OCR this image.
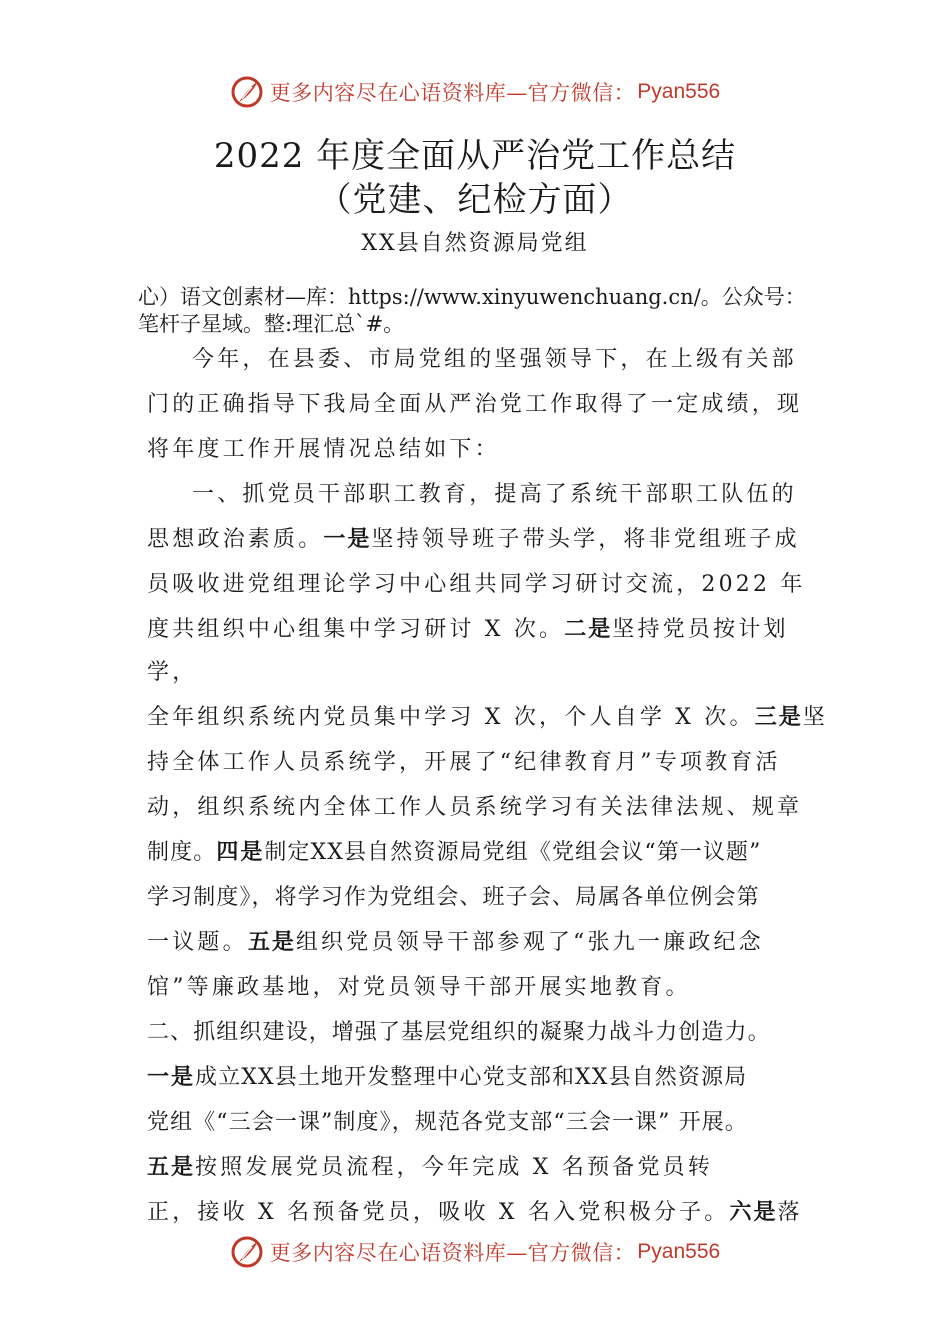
更多内容尽在心语资料库—官方微信： Pyan556
2022 年度全面从严治党工作总结
（党建、纪检方面）

XX县自然资源局党组

心）语文创素材—库：https://www.xinyuwenchuang.cn/。公众号：笔杆子星域。整:理汇总`#。

今年，在县委、市局党组的坚强领导下，在上级有关部

门的正确指导下我局全面从严治党工作取得了一定成绩，现

将年度工作开展情况总结如下：

一、抓党员干部职工教育，提高了系统干部职工队伍的

思想政治素质。一是坚持领导班子带头学，将非党组班子成

员吸收进党组理论学习中心组共同学习研讨交流，2022 年

度共组织中心组集中学习研讨 X 次。二是坚持党员按计划

学，

全年组织系统内党员集中学习 X 次，个人自学 X 次。三是坚

持全体工作人员系统学，开展了“纪律教育月”专项教育活

动，组织系统内全体工作人员系统学习有关法律法规、规章

制度。四是制定XX县自然资源局党组《党组会议“第一议题”

学习制度》，将学习作为党组会、班子会、局属各单位例会第

一议题。五是组织党员领导干部参观了“张九一廉政纪念

馆”等廉政基地，对党员领导干部开展实地教育。

二、抓组织建设，增强了基层党组织的凝聚力战斗力创造力。

一是成立XX县土地开发整理中心党支部和XX县自然资源局

党组《“三会一课”制度》，规范各党支部“三会一课” 开展。

五是按照发展党员流程，今年完成 X 名预备党员转

正，接收 X 名预备党员，吸收 X 名入党积极分子。六是落

更多内容尽在心语资料库—官方微信： Pyan556
